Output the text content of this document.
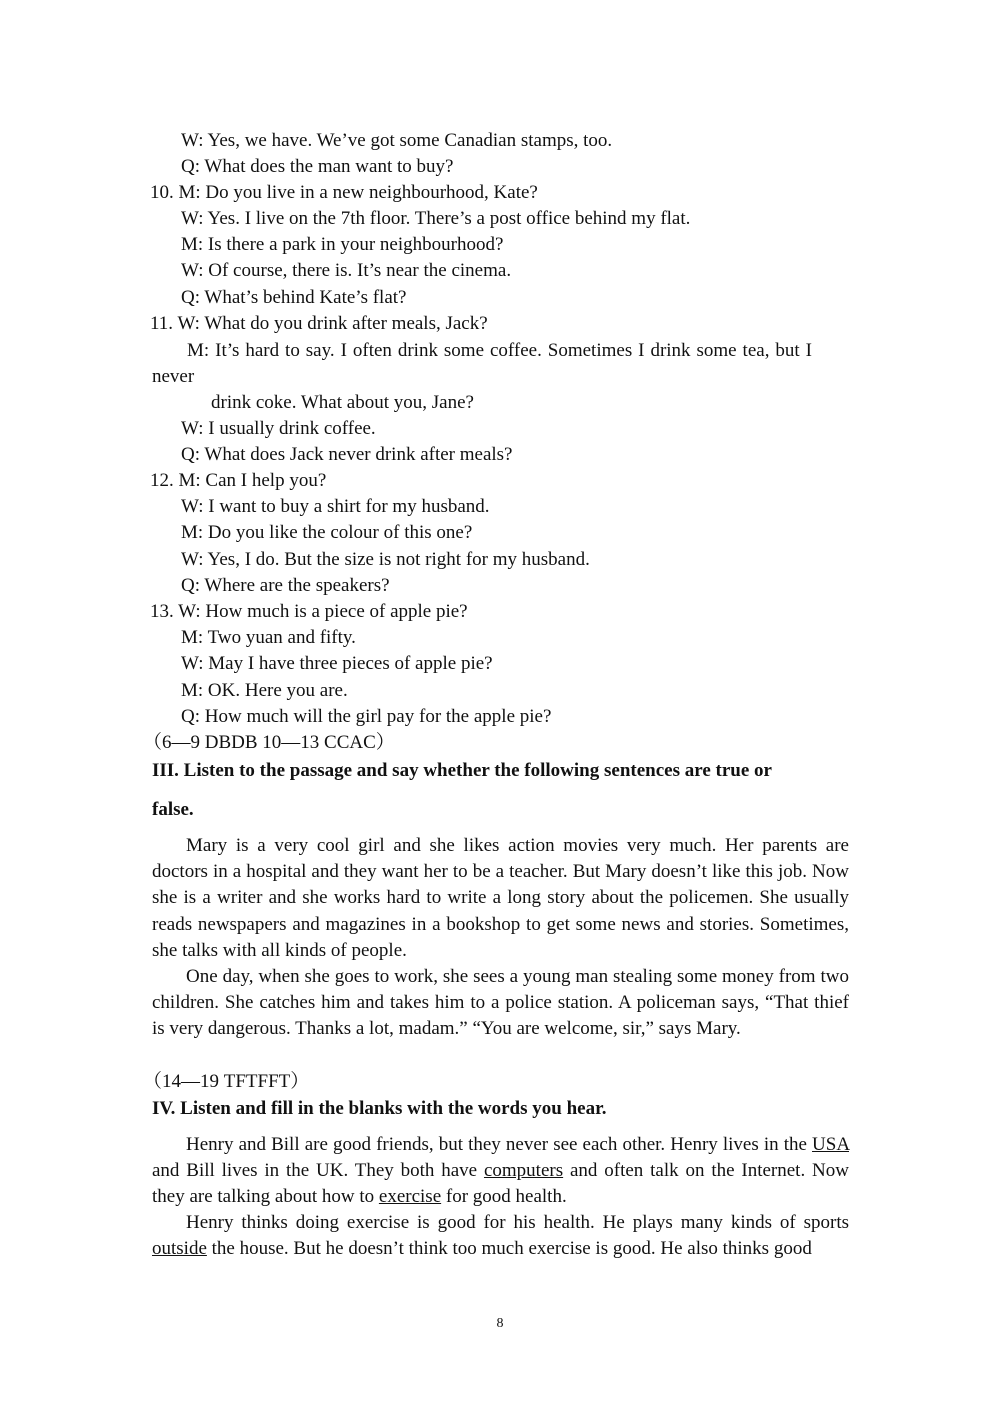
W: Yes, we have. We’ve got some Canadian stamps, too.
Q: What does the man want to buy?
10. M: Do you live in a new neighbourhood, Kate?
W: Yes. I live on the 7th floor. There’s a post office behind my flat.
M: Is there a park in your neighbourhood?
W: Of course, there is. It’s near the cinema.
Q: What’s behind Kate’s flat?
11. W: What do you drink after meals, Jack?
M: It’s hard to say. I often drink some coffee. Sometimes I drink some tea, but I
never
drink coke. What about you, Jane?
W: I usually drink coffee.
Q: What does Jack never drink after meals?
12. M: Can I help you?
W: I want to buy a shirt for my husband.
M: Do you like the colour of this one?
W: Yes, I do. But the size is not right for my husband.
Q: Where are the speakers?
13. W: How much is a piece of apple pie?
M: Two yuan and fifty.
W: May I have three pieces of apple pie?
M: OK. Here you are.
Q: How much will the girl pay for the apple pie?
（6—9 DBDB 10—13 CCAC）
III. Listen to the passage and say whether the following sentences are true or
false.

Mary is a very cool girl and she likes action movies very much. Her parents are doctors in a hospital and they want her to be a teacher. But Mary doesn’t like this job. Now she is a writer and she works hard to write a long story about the policemen. She usually reads newspapers and magazines in a bookshop to get some news and stories. Sometimes, she talks with all kinds of people.

One day, when she goes to work, she sees a young man stealing some money from two children. She catches him and takes him to a police station. A policeman says, “That thief is very dangerous. Thanks a lot, madam.” “You are welcome, sir,” says Mary.

（14—19 TFTFFT）
IV. Listen and fill in the blanks with the words you hear.

Henry and Bill are good friends, but they never see each other. Henry lives in the USA and Bill lives in the UK. They both have computers and often talk on the Internet. Now they are talking about how to exercise for good health.

Henry thinks doing exercise is good for his health. He plays many kinds of sports outside the house. But he doesn’t think too much exercise is good. He also thinks good

8
